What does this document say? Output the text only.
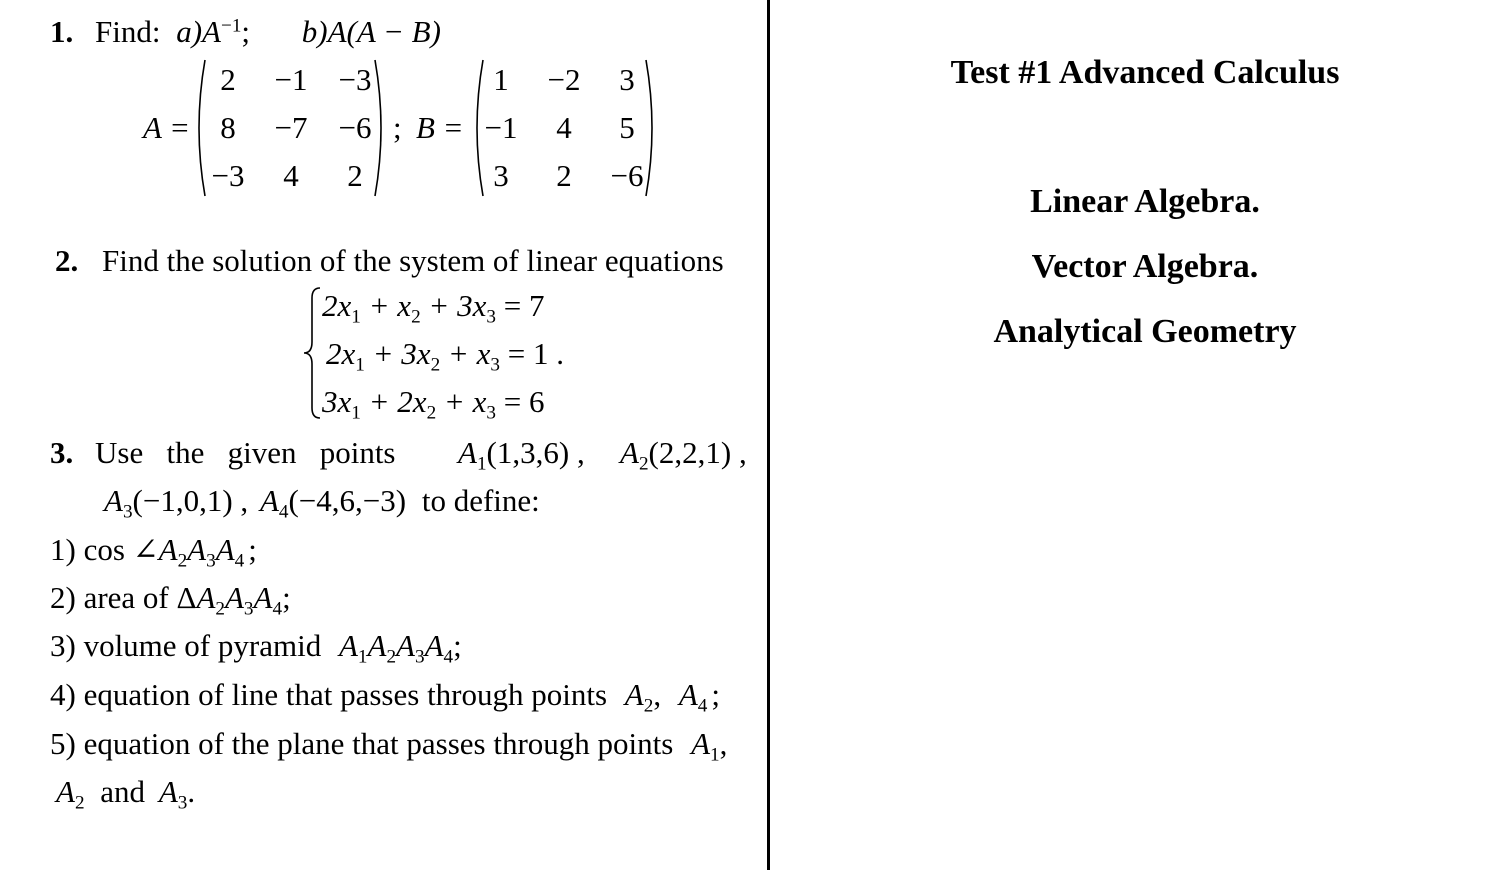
1. Find: $a)A^{-1}$; b)A(A − B)
A =
2	−1	−3
8	−7	−6
−3	4	2
; B =
1	−2	3
−1	4	5
3	2	−6
2. Find the solution of the system of linear equations
$2x_1 + x_2 + 3x_3 = 7$
$2x_1 + 3x_2 + x_3 = 1$ .
$3x_1 + 2x_2 + x_3 = 6$
3. Use   the   given   points $A_1(1,3,6)$ , $A_2(2,2,1)$ ,
$A_3(-1,0,1)$ , $A_4(-4,6,-3)$ to define:
1) $\cos \angle A_2A_3A_4$ ;
2) area of $\Delta A_2A_3A_4$;
3) volume of pyramid $A_1A_2A_3A_4$;
4) equation of line that passes through points $A_2$, $A_4$ ;
5) equation of the plane that passes through points $A_1$,
$A_2$ and $A_3$.
Test #1 Advanced Calculus
Linear Algebra.
Vector Algebra.
Analytical Geometry
